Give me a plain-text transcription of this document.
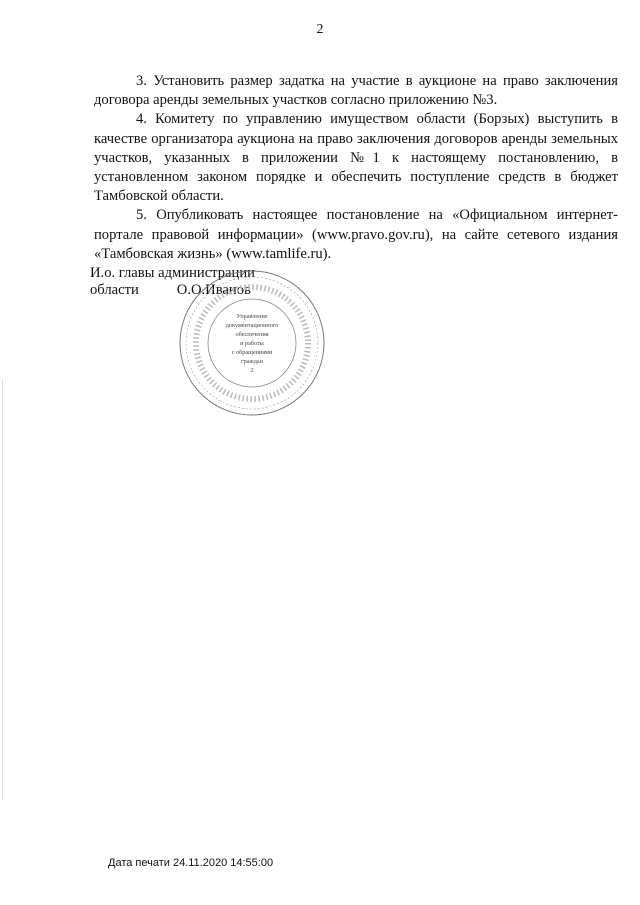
2

3. Установить размер задатка на участие в аукционе на право заключения договора аренды земельных участков согласно приложению №3.

4. Комитету по управлению имуществом области (Борзых) выступить в качестве организатора аукциона на право заключения договоров аренды земельных участков, указанных в приложении №1 к настоящему постановлению, в установленном законом порядке и обеспечить поступление средств в бюджет Тамбовской области.

5. Опубликовать настоящее постановление на «Официальном интернет-портале правовой информации» (www.pravo.gov.ru), на сайте сетевого издания «Тамбовская жизнь» (www.tamlife.ru).

И.о. главы администрации
области	О.О.Иванов
Управление
документационного
обеспечения
и работы
с обращениями
граждан
2
Дата печати 24.11.2020 14:55:00
